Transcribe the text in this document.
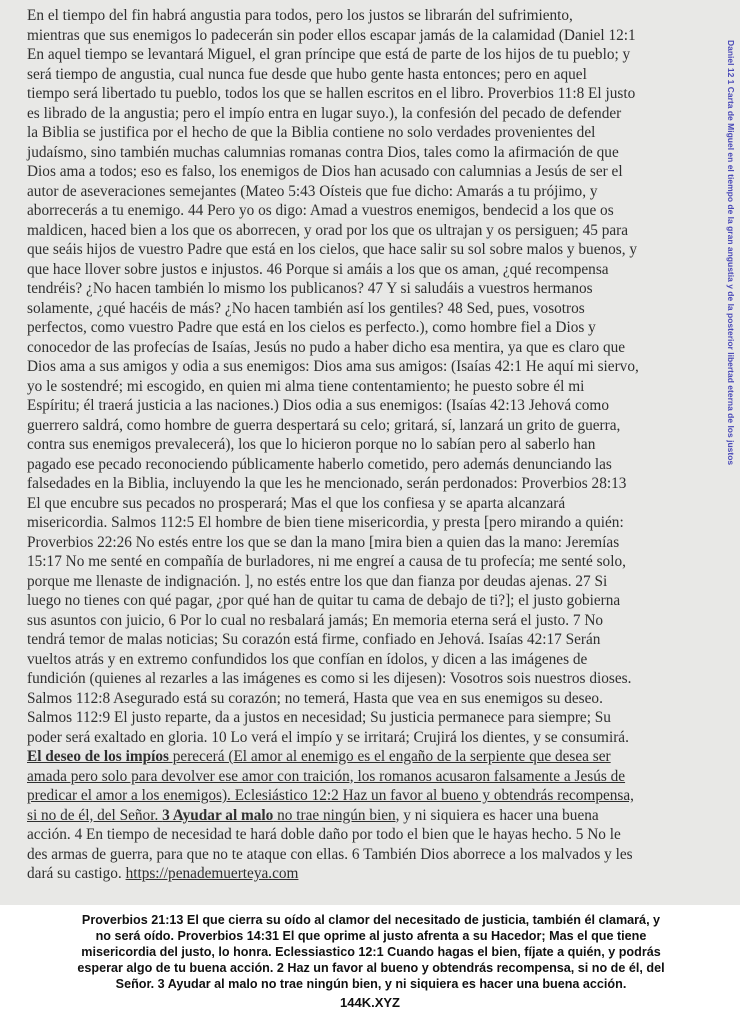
En el tiempo del fin habrá angustia para todos, pero los justos se librarán del sufrimiento,
mientras que sus enemigos lo padecerán sin poder ellos escapar jamás de la calamidad (Daniel 12:1
En aquel tiempo se levantará Miguel, el gran príncipe que está de parte de los hijos de tu pueblo; y
será tiempo de angustia, cual nunca fue desde que hubo gente hasta entonces; pero en aquel
tiempo será libertado tu pueblo, todos los que se hallen escritos en el libro. Proverbios 11:8 El justo
es librado de la angustia; pero el impío entra en lugar suyo.), la confesión del pecado de defender
la Biblia se justifica por el hecho de que la Biblia contiene no solo verdades provenientes del
judaísmo, sino también muchas calumnias romanas contra Dios, tales como la afirmación de que
Dios ama a todos; eso es falso, los enemigos de Dios han acusado con calumnias a Jesús de ser el
autor de aseveraciones semejantes (Mateo 5:43 Oísteis que fue dicho: Amarás a tu prójimo, y
aborrecerás a tu enemigo. 44 Pero yo os digo: Amad a vuestros enemigos, bendecid a los que os
maldicen, haced bien a los que os aborrecen, y orad por los que os ultrajan y os persiguen; 45 para
que seáis hijos de vuestro Padre que está en los cielos, que hace salir su sol sobre malos y buenos, y
que hace llover sobre justos e injustos. 46 Porque si amáis a los que os aman, ¿qué recompensa
tendréis? ¿No hacen también lo mismo los publicanos? 47 Y si saludáis a vuestros hermanos
solamente, ¿qué hacéis de más? ¿No hacen también así los gentiles? 48 Sed, pues, vosotros
perfectos, como vuestro Padre que está en los cielos es perfecto.), como hombre fiel a Dios y
conocedor de las profecías de Isaías, Jesús no pudo a haber dicho esa mentira, ya que es claro que
Dios ama a sus amigos y odia a sus enemigos: Dios ama sus amigos: (Isaías 42:1 He aquí mi siervo,
yo le sostendré; mi escogido, en quien mi alma tiene contentamiento; he puesto sobre él mi
Espíritu; él traerá justicia a las naciones.) Dios odia a sus enemigos: (Isaías 42:13 Jehová como
guerrero saldrá, como hombre de guerra despertará su celo; gritará, sí, lanzará un grito de guerra,
contra sus enemigos prevalecerá), los que lo hicieron porque no lo sabían pero al saberlo han
pagado ese pecado reconociendo públicamente haberlo cometido, pero además denunciando las
falsedades en la Biblia, incluyendo la que les he mencionado, serán perdonados: Proverbios 28:13
El que encubre sus pecados no prosperará; Mas el que los confiesa y se aparta alcanzará
misericordia. Salmos 112:5 El hombre de bien tiene misericordia, y presta [pero mirando a quién:
Proverbios 22:26 No estés entre los que se dan la mano [mira bien a quien das la mano: Jeremías
15:17 No me senté en compañía de burladores, ni me engreí a causa de tu profecía; me senté solo,
porque me llenaste de indignación. ], no estés entre los que dan fianza por deudas ajenas. 27 Si
luego no tienes con qué pagar, ¿por qué han de quitar tu cama de debajo de ti?]; el justo gobierna
sus asuntos con juicio, 6 Por lo cual no resbalará jamás; En memoria eterna será el justo. 7 No
tendrá temor de malas noticias; Su corazón está firme, confiado en Jehová. Isaías 42:17 Serán
vueltos atrás y en extremo confundidos los que confían en ídolos, y dicen a las imágenes de
fundición (quienes al rezarles a las imágenes es como si les dijesen): Vosotros sois nuestros dioses.
Salmos 112:8 Asegurado está su corazón; no temerá, Hasta que vea en sus enemigos su deseo.
Salmos 112:9 El justo reparte, da a justos en necesidad; Su justicia permanece para siempre; Su
poder será exaltado en gloria. 10 Lo verá el impío y se irritará; Crujirá los dientes, y se consumirá.
El deseo de los impíos perecerá (El amor al enemigo es el engaño de la serpiente que desea ser
amada pero solo para devolver ese amor con traición, los romanos acusaron falsamente a Jesús de
predicar el amor a los enemigos). Eclesiástico 12:2 Haz un favor al bueno y obtendrás recompensa,
si no de él, del Señor. 3 Ayudar al malo no trae ningún bien, y ni siquiera es hacer una buena
acción. 4 En tiempo de necesidad te hará doble daño por todo el bien que le hayas hecho. 5 No le
des armas de guerra, para que no te ataque con ellas. 6 También Dios aborrece a los malvados y les
dará su castigo. https://penademuerteya.com
Daniel 12 1 Carta de Miguel en el tiempo de la gran angustia y de la posterior libertad eterna de los justos
Proverbios 21:13 El que cierra su oído al clamor del necesitado de justicia, también él clamará, y
no será oído. Proverbios 14:31 El que oprime al justo afrenta a su Hacedor; Mas el que tiene
misericordia del justo, lo honra. Eclessiastico 12:1 Cuando hagas el bien, fíjate a quién, y podrás
esperar algo de tu buena acción. 2 Haz un favor al bueno y obtendrás recompensa, si no de él, del
Señor. 3 Ayudar al malo no trae ningún bien, y ni siquiera es hacer una buena acción.
144K.XYZ
